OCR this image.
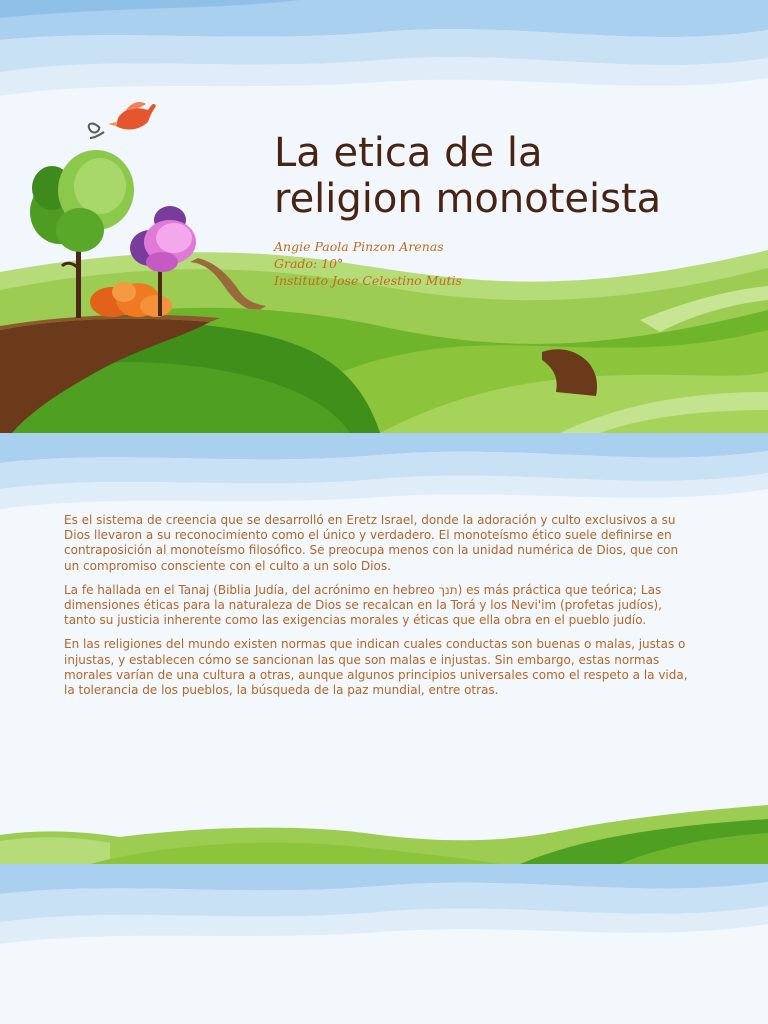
La etica de la
religion monoteista
Angie Paola Pinzon Arenas
Grado: 10°
Instituto Jose Celestino Mutis

Es el sistema de creencia que se desarrolló en Eretz Israel, donde la adoración y culto exclusivos a su Dios llevaron a su reconocimiento como el único y verdadero. El monoteísmo ético suele definirse en contraposición al monoteísmo filosófico. Se preocupa menos con la unidad numérica de Dios, que con un compromiso consciente con el culto a un solo Dios.

La fe hallada en el Tanaj (Biblia Judía, del acrónimo en hebreo תנך) es más práctica que teórica; Las dimensiones éticas para la naturaleza de Dios se recalcan en la Torá y los Nevi'im (profetas judíos), tanto su justicia inherente como las exigencias morales y éticas que ella obra en el pueblo judío.

En las religiones del mundo existen normas que indican cuales conductas son buenas o malas, justas o injustas, y establecen cómo se sancionan las que son malas e injustas. Sin embargo, estas normas morales varían de una cultura a otras, aunque algunos principios universales como el respeto a la vida, la tolerancia de los pueblos, la búsqueda de la paz mundial, entre otras.
